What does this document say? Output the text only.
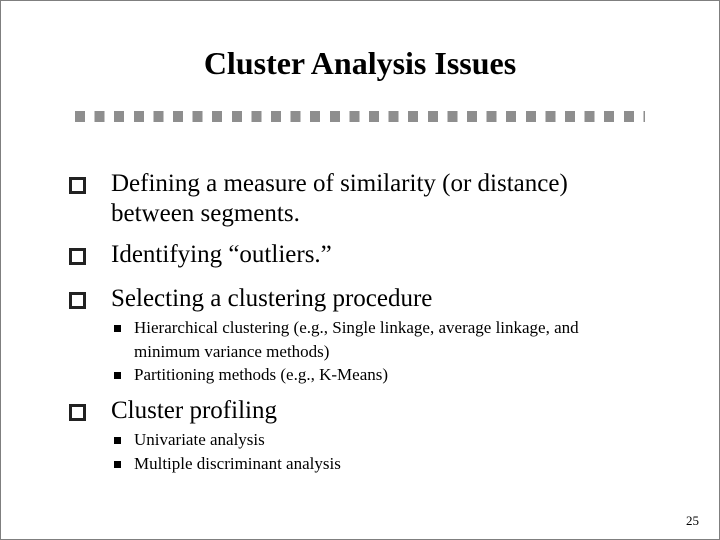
Cluster Analysis Issues
Defining a measure of similarity (or distance)
between segments.
Identifying “outliers.”
Selecting a clustering procedure
Hierarchical clustering (e.g., Single linkage, average linkage, and
minimum variance methods)
Partitioning methods (e.g., K-Means)
Cluster profiling
Univariate analysis
Multiple discriminant analysis
25
